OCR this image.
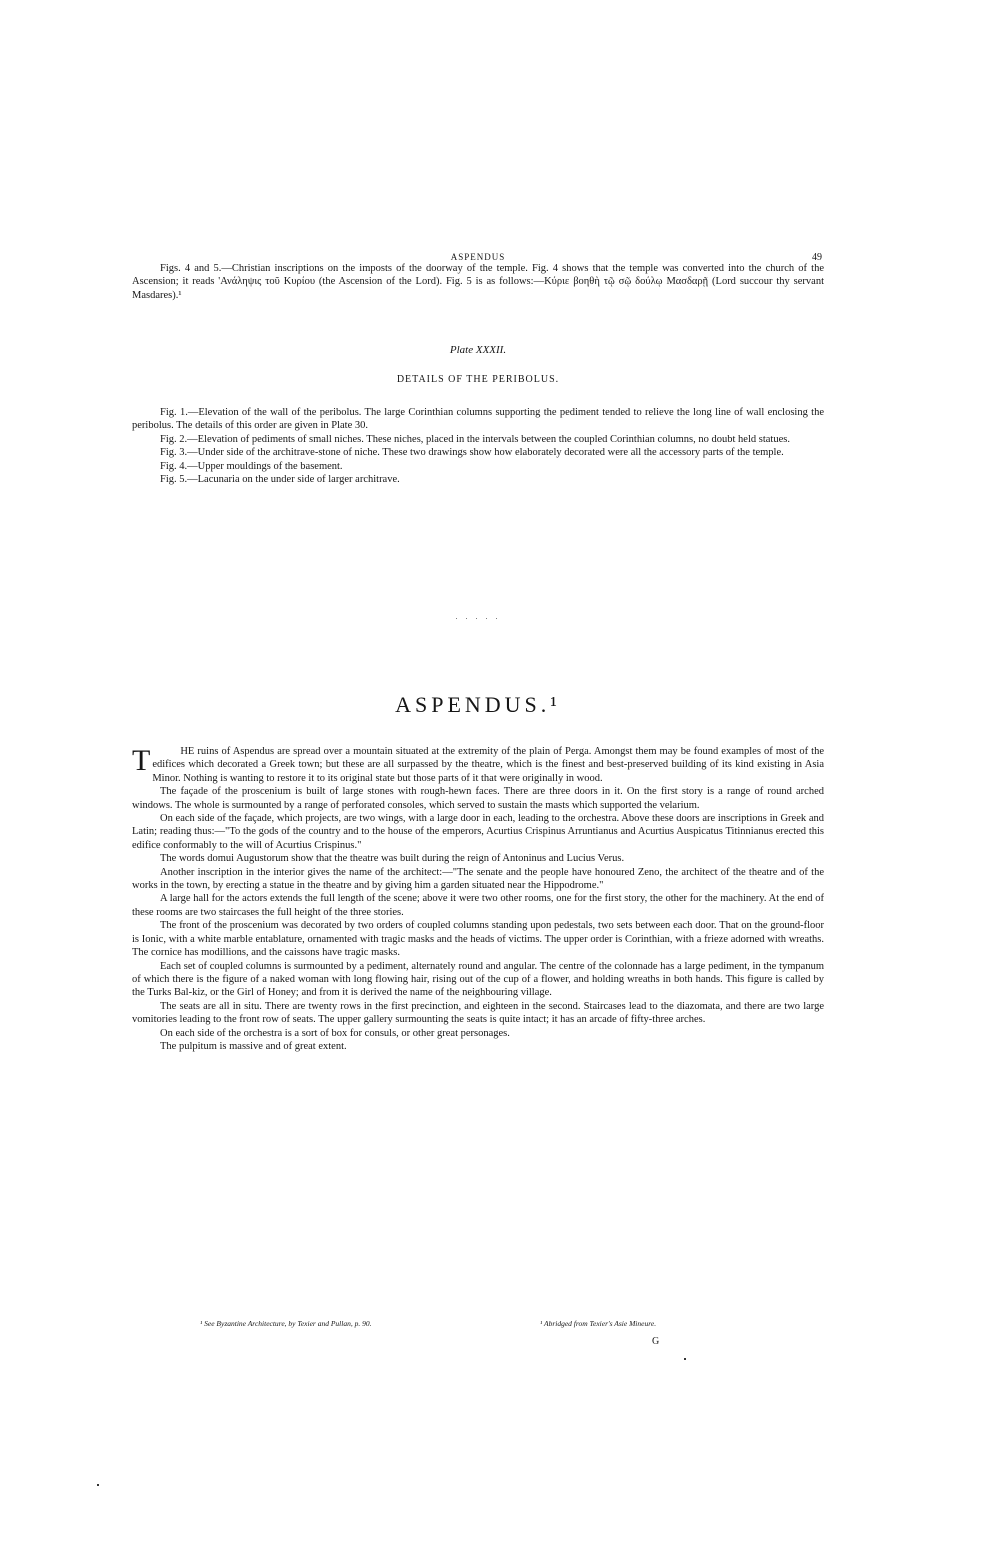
ASPENDUS	49

Figs. 4 and 5.—Christian inscriptions on the imposts of the doorway of the temple. Fig. 4 shows that the temple was converted into the church of the Ascension; it reads 'Ανάληψις τοῦ Κυρίου (the Ascension of the Lord). Fig. 5 is as follows:—Κύριε βοηθὴ τῷ σῷ δούλῳ Μασδαρῇ (Lord succour thy servant Masdares).¹

Plate XXXII.
DETAILS OF THE PERIBOLUS.

Fig. 1.—Elevation of the wall of the peribolus. The large Corinthian columns supporting the pediment tended to relieve the long line of wall enclosing the peribolus. The details of this order are given in Plate 30.

Fig. 2.—Elevation of pediments of small niches. These niches, placed in the intervals between the coupled Corinthian columns, no doubt held statues.

Fig. 3.—Under side of the architrave-stone of niche. These two drawings show how elaborately decorated were all the accessory parts of the temple.

Fig. 4.—Upper mouldings of the basement.

Fig. 5.—Lacunaria on the under side of larger architrave.

. . . . .
ASPENDUS.¹

T	HE ruins of Aspendus are spread over a mountain situated at the extremity of the plain of Perga. Amongst them may be found examples of most of the edifices which decorated a Greek town; but these are all surpassed by the theatre, which is the finest and best-preserved building of its kind existing in Asia Minor. Nothing is wanting to restore it to its original state but those parts of it that were originally in wood.

The façade of the proscenium is built of large stones with rough-hewn faces. There are three doors in it. On the first story is a range of round arched windows. The whole is surmounted by a range of perforated consoles, which served to sustain the masts which supported the velarium.

On each side of the façade, which projects, are two wings, with a large door in each, leading to the orchestra. Above these doors are inscriptions in Greek and Latin; reading thus:—"To the gods of the country and to the house of the emperors, Acurtius Crispinus Arruntianus and Acurtius Auspicatus Titinnianus erected this edifice conformably to the will of Acurtius Crispinus."

The words domui Augustorum show that the theatre was built during the reign of Antoninus and Lucius Verus.

Another inscription in the interior gives the name of the architect:—"The senate and the people have honoured Zeno, the architect of the theatre and of the works in the town, by erecting a statue in the theatre and by giving him a garden situated near the Hippodrome."

A large hall for the actors extends the full length of the scene; above it were two other rooms, one for the first story, the other for the machinery. At the end of these rooms are two staircases the full height of the three stories.

The front of the proscenium was decorated by two orders of coupled columns standing upon pedestals, two sets between each door. That on the ground-floor is Ionic, with a white marble entablature, ornamented with tragic masks and the heads of victims. The upper order is Corinthian, with a frieze adorned with wreaths. The cornice has modillions, and the caissons have tragic masks.

Each set of coupled columns is surmounted by a pediment, alternately round and angular. The centre of the colonnade has a large pediment, in the tympanum of which there is the figure of a naked woman with long flowing hair, rising out of the cup of a flower, and holding wreaths in both hands. This figure is called by the Turks Bal-kiz, or the Girl of Honey; and from it is derived the name of the neighbouring village.

The seats are all in situ. There are twenty rows in the first precinction, and eighteen in the second. Staircases lead to the diazomata, and there are two large vomitories leading to the front row of seats. The upper gallery surmounting the seats is quite intact; it has an arcade of fifty-three arches.

On each side of the orchestra is a sort of box for consuls, or other great personages.

The pulpitum is massive and of great extent.

¹ See Byzantine Architecture, by Texier and Pullan, p. 90.	¹ Abridged from Texier's Asie Mineure.
G
